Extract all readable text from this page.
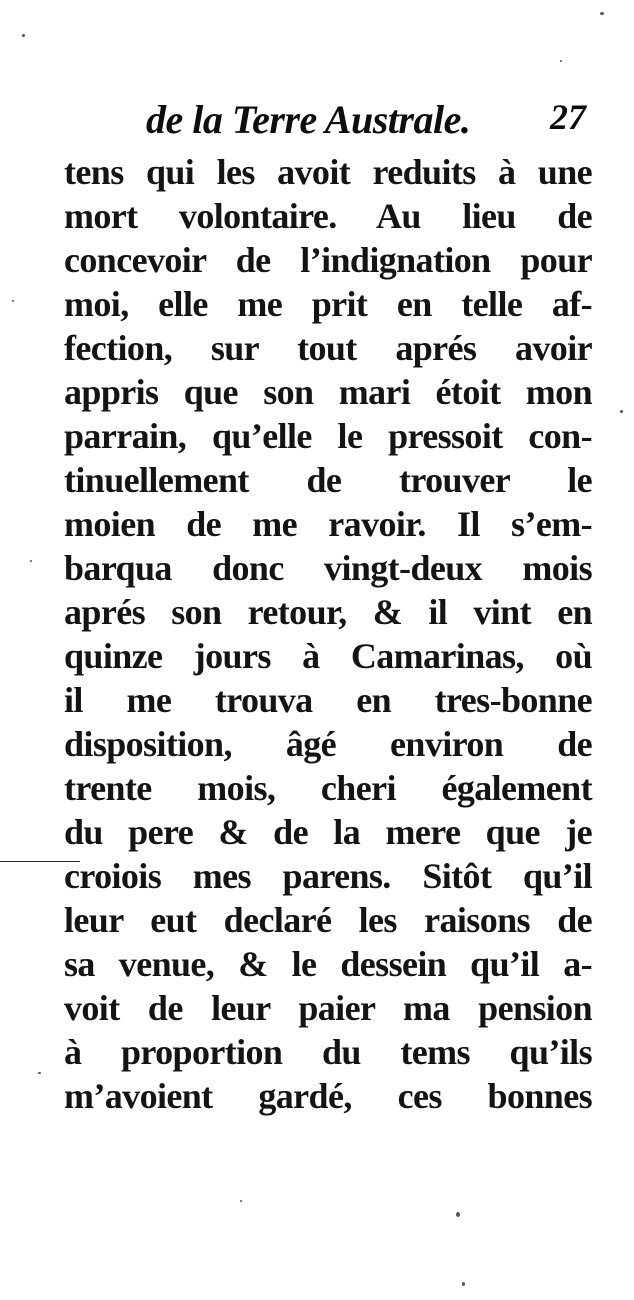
de la Terre Australe. 27
tens qui les avoit reduits à une
mort volontaire. Au lieu de
concevoir de l’indignation pour
moi, elle me prit en telle af-
fection, sur tout aprés avoir
appris que son mari étoit mon
parrain, qu’elle le pressoit con-
tinuellement de trouver le
moien de me ravoir. Il s’em-
barqua donc vingt-deux mois
aprés son retour, & il vint en
quinze jours à Camarinas, où
il me trouva en tres-bonne
disposition, âgé environ de
trente mois, cheri également
du pere & de la mere que je
croiois mes parens. Sitôt qu’il
leur eut declaré les raisons de
sa venue, & le dessein qu’il a-
voit de leur paier ma pension
à proportion du tems qu’ils
m’avoient gardé, ces bonnes
